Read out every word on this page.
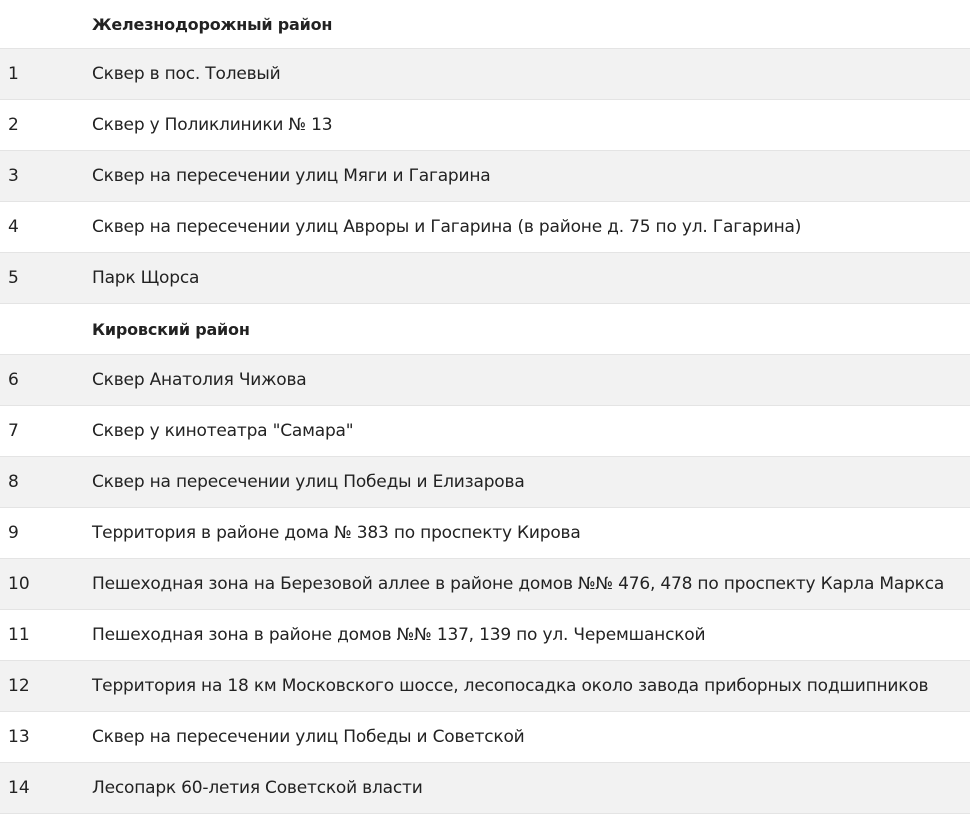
Железнодорожный район
1	Сквер в пос. Толевый
2	Сквер у Поликлиники № 13
3	Сквер на пересечении улиц Мяги и Гагарина
4	Сквер на пересечении улиц Авроры и Гагарина (в районе д. 75 по ул. Гагарина)
5	Парк Щорса
Кировский район
6	Сквер Анатолия Чижова
7	Сквер у кинотеатра "Самара"
8	Сквер на пересечении улиц Победы и Елизарова
9	Территория в районе дома № 383 по проспекту Кирова
10	Пешеходная зона на Березовой аллее в районе домов №№ 476, 478 по проспекту Карла Маркса
11	Пешеходная зона в районе домов №№ 137, 139 по ул. Черемшанской
12	Территория на 18 км Московского шоссе, лесопосадка около завода приборных подшипников
13	Сквер на пересечении улиц Победы и Советской
14	Лесопарк 60-летия Советской власти
